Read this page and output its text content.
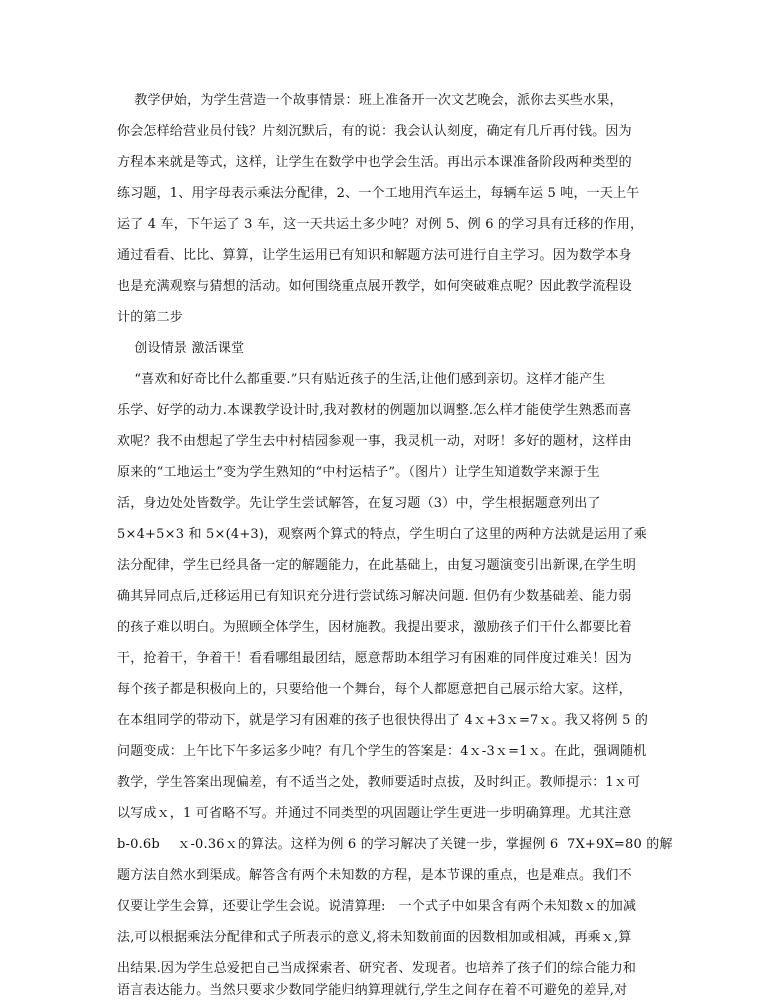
教学伊始，为学生营造一个故事情景：班上准备开一次文艺晚会，派你去买些水果，
你会怎样给营业员付钱？片刻沉默后，有的说：我会认认刻度，确定有几斤再付钱。因为
方程本来就是等式，这样，让学生在数学中也学会生活。再出示本课准备阶段两种类型的
练习题，1、用字母表示乘法分配律，2、一个工地用汽车运土，每辆车运 5 吨，一天上午
运了 4 车，下午运了 3 车，这一天共运土多少吨？对例 5、例 6 的学习具有迁移的作用，
通过看看、比比、算算，让学生运用已有知识和解题方法可进行自主学习。因为数学本身
也是充满观察与猜想的活动。如何围绕重点展开教学，如何突破难点呢？因此教学流程设
计的第二步
创设情景 激活课堂
“喜欢和好奇比什么都重要.”只有贴近孩子的生活,让他们感到亲切。这样才能产生
乐学、好学的动力.本课教学设计时,我对教材的例题加以调整.怎么样才能使学生熟悉而喜
欢呢？我不由想起了学生去中村桔园参观一事，我灵机一动，对呀！多好的题材，这样由
原来的“工地运土”变为学生熟知的“中村运桔子”。（图片）让学生知道数学来源于生
活，身边处处皆数学。先让学生尝试解答，在复习题（3）中，学生根据题意列出了
5×4+5×3 和 5×(4+3)，观察两个算式的特点，学生明白了这里的两种方法就是运用了乘
法分配律，学生已经具备一定的解题能力，在此基础上，由复习题演变引出新课,在学生明
确其异同点后,迁移运用已有知识充分进行尝试练习解决问题. 但仍有少数基础差、能力弱
的孩子难以明白。为照顾全体学生，因材施教。我提出要求，激励孩子们干什么都要比着
干，抢着干，争着干！看看哪组最团结，愿意帮助本组学习有困难的同伴度过难关！因为
每个孩子都是积极向上的，只要给他一个舞台，每个人都愿意把自己展示给大家。这样，
在本组同学的带动下，就是学习有困难的孩子也很快得出了 4ｘ+3ｘ=7ｘ。我又将例 5 的
问题变成：上午比下午多运多少吨？有几个学生的答案是：4ｘ-3ｘ=1ｘ。在此，强调随机
教学，学生答案出现偏差，有不适当之处，教师要适时点拔，及时纠正。教师提示：1ｘ可
以写成ｘ，1 可省略不写。并通过不同类型的巩固题让学生更进一步明确算理。尤其注意
b-0.6b    ｘ-0.36ｘ的算法。这样为例 6 的学习解决了关键一步，掌握例 6  7X+9X=80 的解
题方法自然水到渠成。解答含有两个未知数的方程，是本节课的重点，也是难点。我们不
仅要让学生会算，还要让学生会说。说清算理:   一个式子中如果含有两个未知数ｘ的加减
法,可以根据乘法分配律和式子所表示的意义,将未知数前面的因数相加或相减，再乘ｘ,算
出结果.因为学生总爱把自己当成探索者、研究者、发现者。也培养了孩子们的综合能力和
语言表达能力。当然只要求少数同学能归纳算理就行,学生之间存在着不可避免的差异,对
